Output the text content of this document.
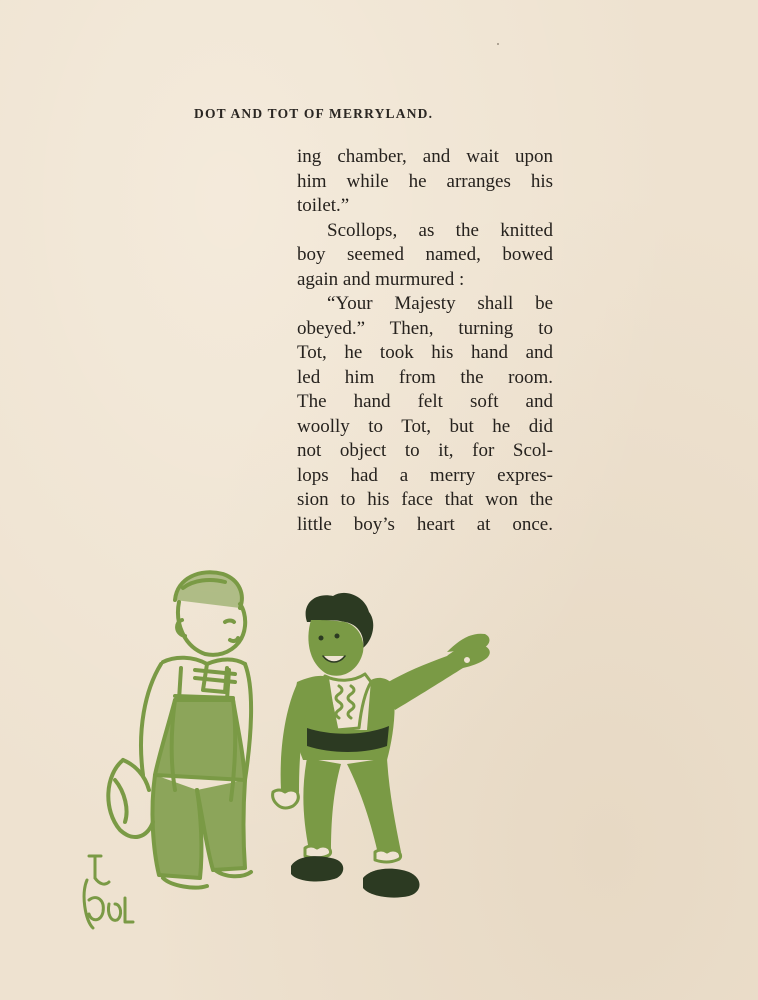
DOT AND TOT OF MERRYLAND.
ing chamber, and wait upon
him while he arranges his
toilet.”
Scollops, as the knitted
boy seemed named, bowed
again and murmured :
“Your Majesty shall be
obeyed.” Then, turning to
Tot, he took his hand and
led him from the room.
The hand felt soft and
woolly to Tot, but he did
not object to it, for Scol-
lops had a merry expres-
sion to his face that won the
little boy’s heart at once.
